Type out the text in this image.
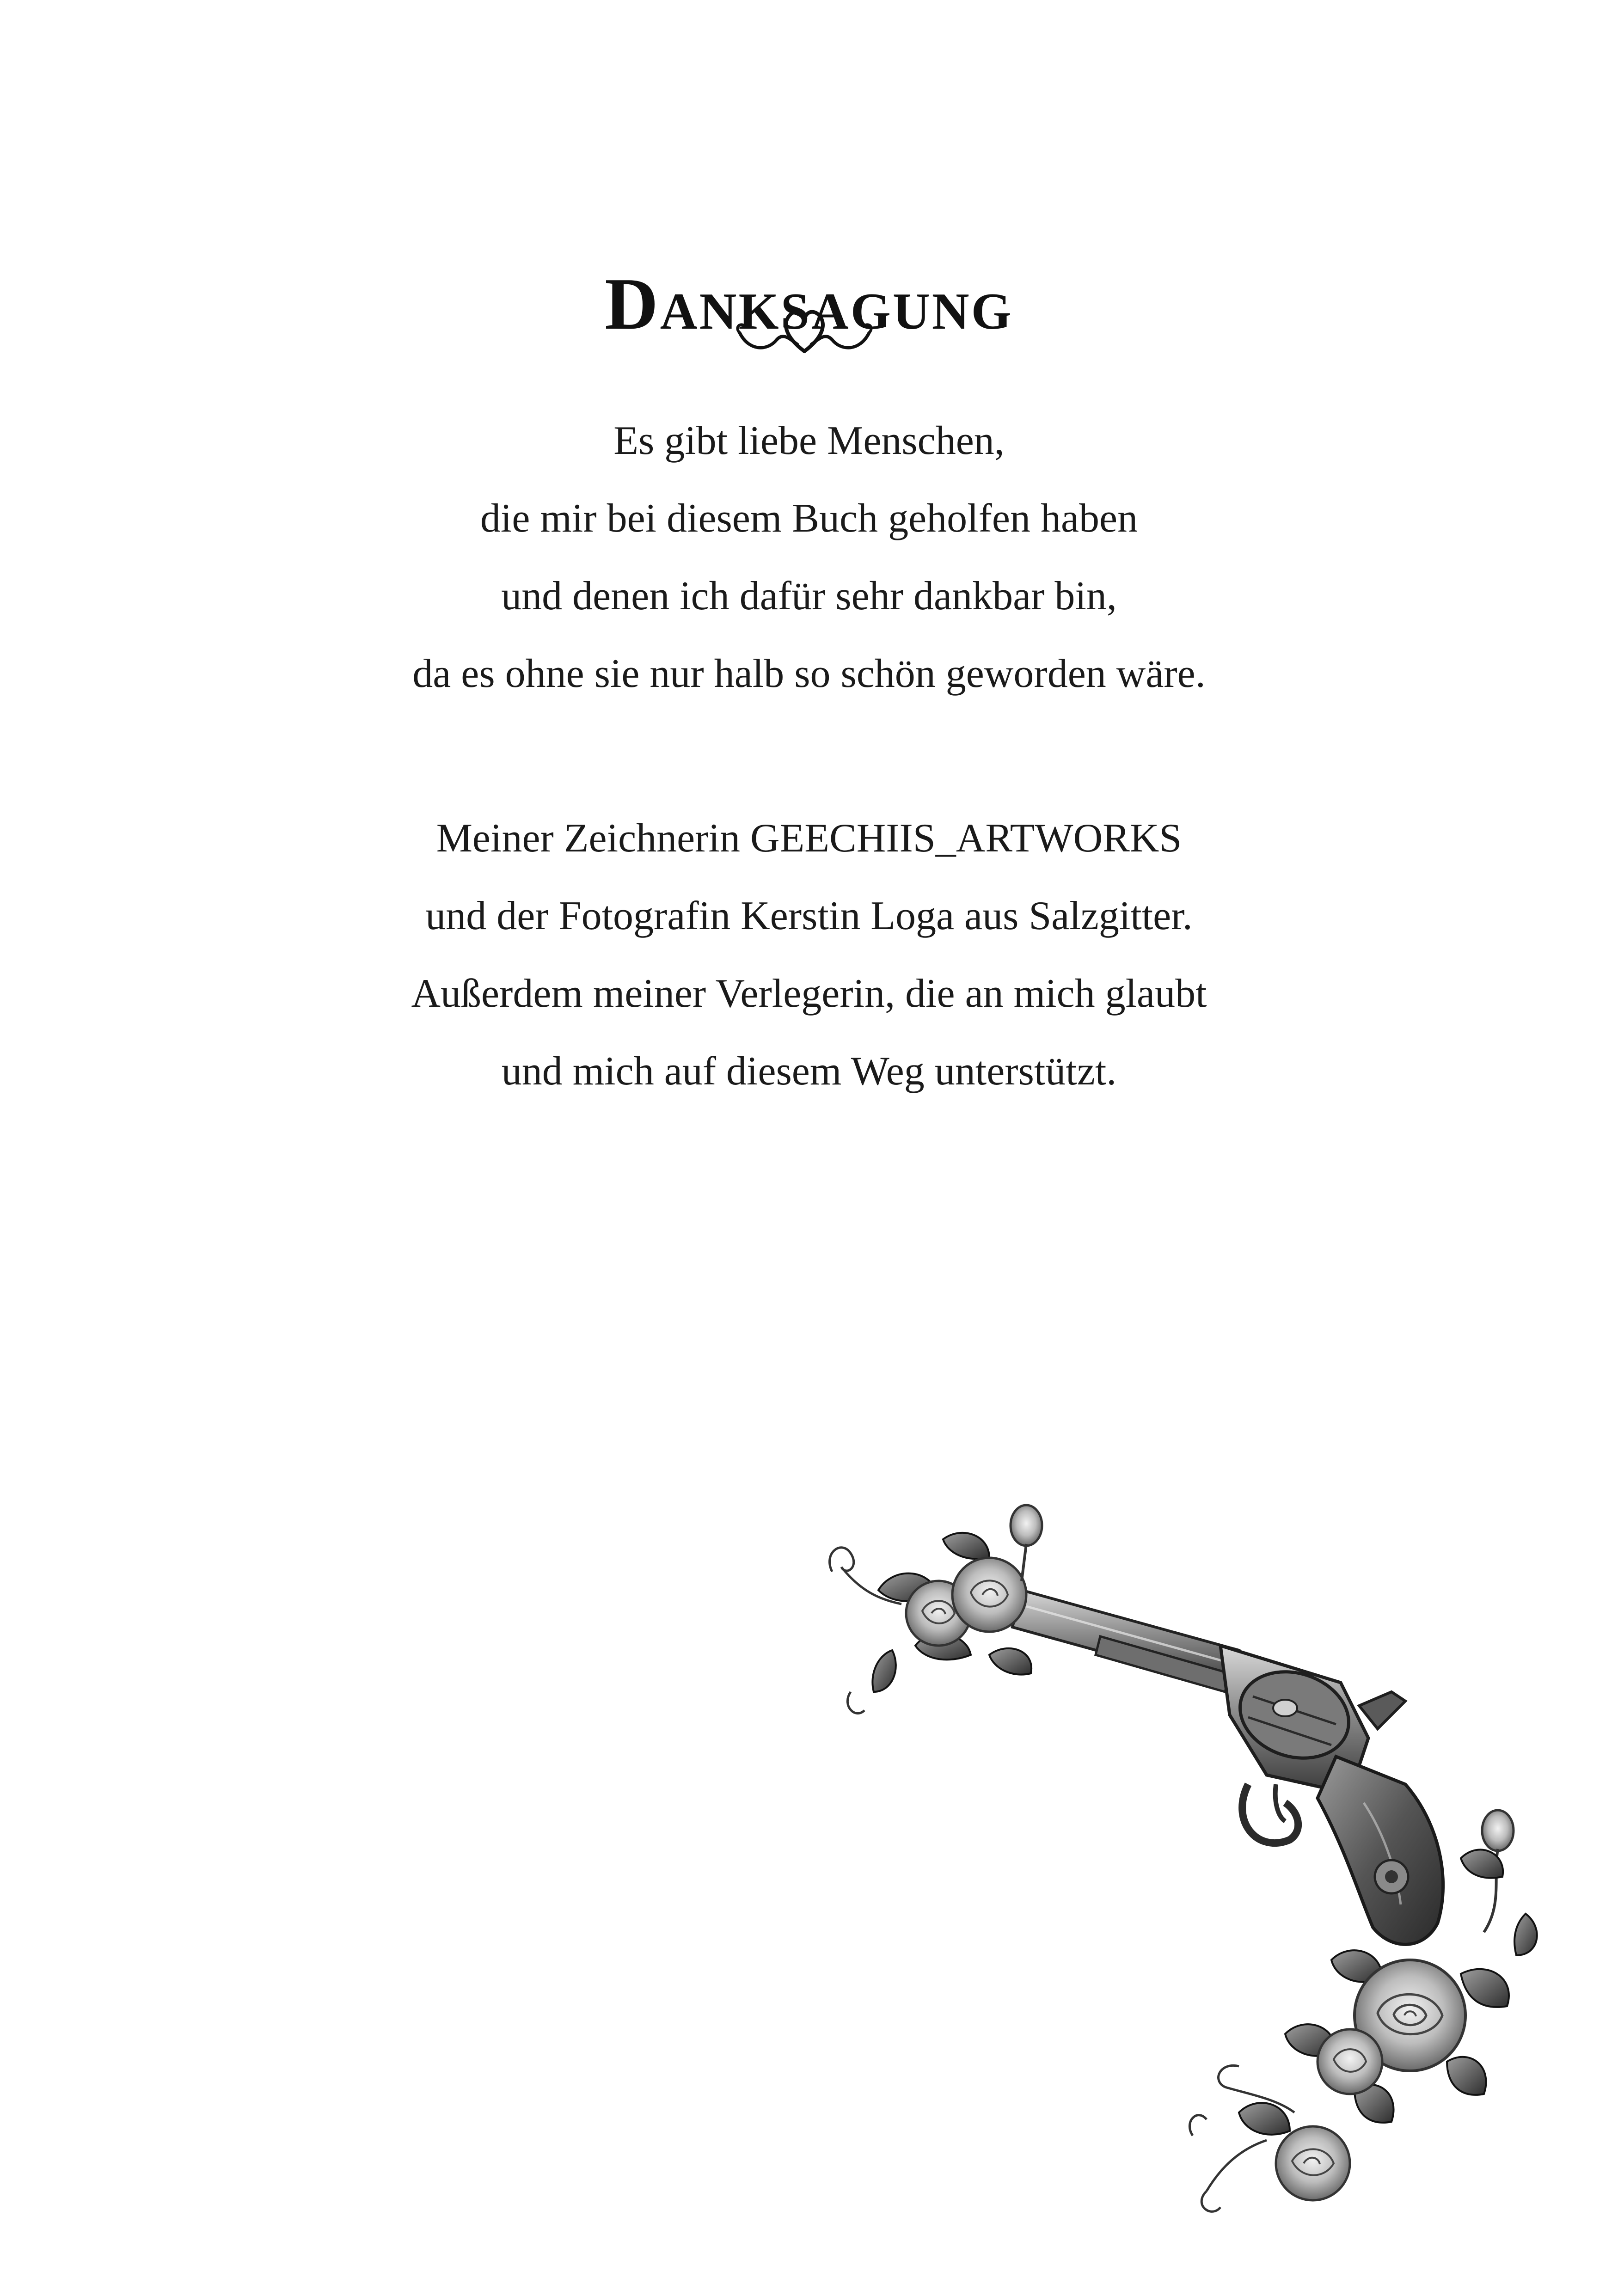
Danksagung
Es gibt liebe Menschen,
die mir bei diesem Buch geholfen haben
und denen ich dafür sehr dankbar bin,
da es ohne sie nur halb so schön geworden wäre.
Meiner Zeichnerin GEECHIIS_ARTWORKS
und der Fotografin Kerstin Loga aus Salzgitter.
Außerdem meiner Verlegerin, die an mich glaubt
und mich auf diesem Weg unterstützt.
